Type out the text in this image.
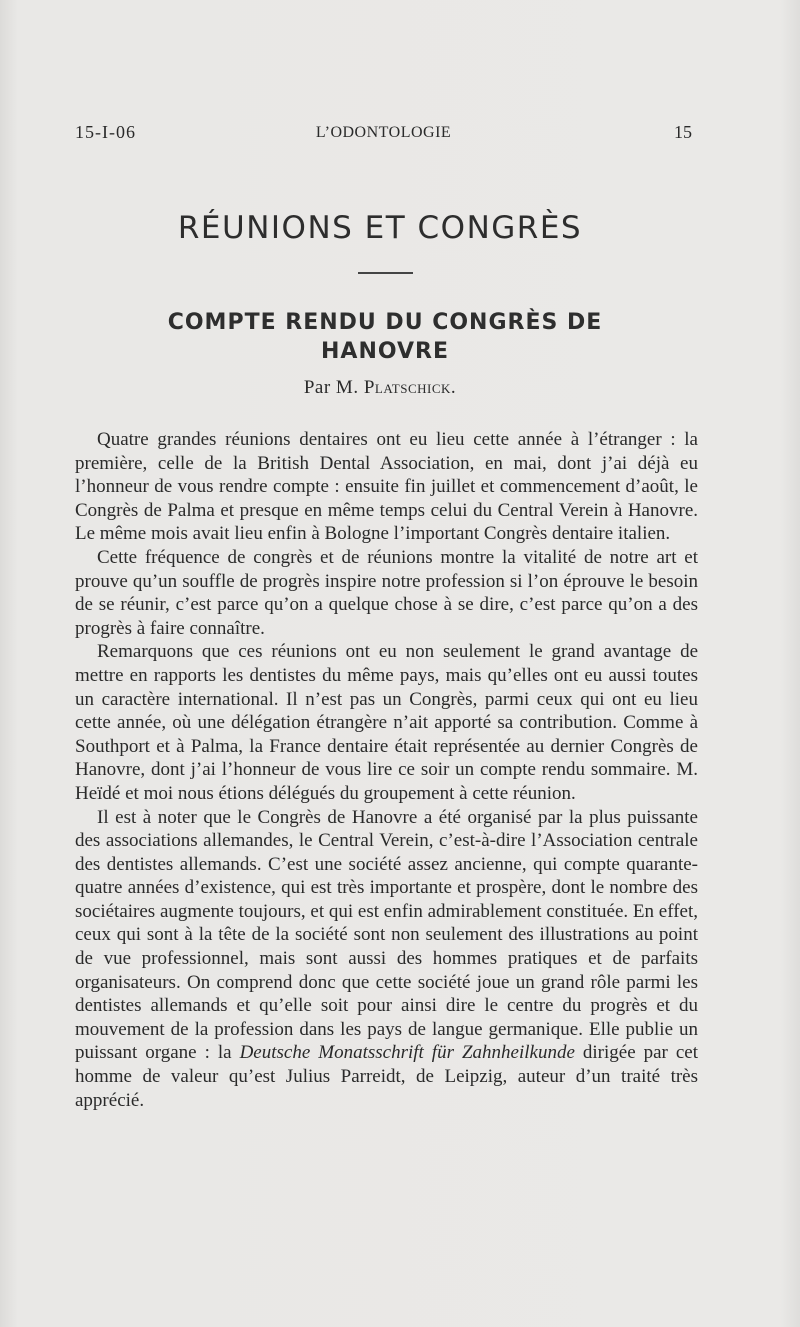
15-I-06	L’ODONTOLOGIE	15
RÉUNIONS ET CONGRÈS
COMPTE RENDU DU CONGRÈS DE HANOVRE
Par M. Platschick.

Quatre grandes réunions dentaires ont eu lieu cette année à l’étranger : la première, celle de la British Dental Association, en mai, dont j’ai déjà eu l’honneur de vous rendre compte : ensuite fin juillet et commencement d’août, le Congrès de Palma et presque en même temps celui du Central Verein à Hanovre. Le même mois avait lieu enfin à Bologne l’important Congrès dentaire italien.

Cette fréquence de congrès et de réunions montre la vitalité de notre art et prouve qu’un souffle de progrès inspire notre profession si l’on éprouve le besoin de se réunir, c’est parce qu’on a quelque chose à se dire, c’est parce qu’on a des progrès à faire connaître.

Remarquons que ces réunions ont eu non seulement le grand avantage de mettre en rapports les dentistes du même pays, mais qu’elles ont eu aussi toutes un caractère international. Il n’est pas un Congrès, parmi ceux qui ont eu lieu cette année, où une délégation étrangère n’ait apporté sa contribution. Comme à Southport et à Palma, la France dentaire était représentée au dernier Congrès de Hanovre, dont j’ai l’honneur de vous lire ce soir un compte rendu sommaire. M. Heïdé et moi nous étions délégués du groupement à cette réunion.

Il est à noter que le Congrès de Hanovre a été organisé par la plus puissante des associations allemandes, le Central Verein, c’est-à-dire l’Association centrale des dentistes allemands. C’est une société assez ancienne, qui compte quarante-quatre années d’existence, qui est très importante et prospère, dont le nombre des sociétaires augmente toujours, et qui est enfin admirablement constituée. En effet, ceux qui sont à la tête de la société sont non seulement des illustrations au point de vue professionnel, mais sont aussi des hommes pratiques et de parfaits organisateurs. On comprend donc que cette société joue un grand rôle parmi les dentistes allemands et qu’elle soit pour ainsi dire le centre du progrès et du mouvement de la profession dans les pays de langue germanique. Elle publie un puissant organe : la Deutsche Monatsschrift für Zahnheilkunde dirigée par cet homme de valeur qu’est Julius Parreidt, de Leipzig, auteur d’un traité très apprécié.
